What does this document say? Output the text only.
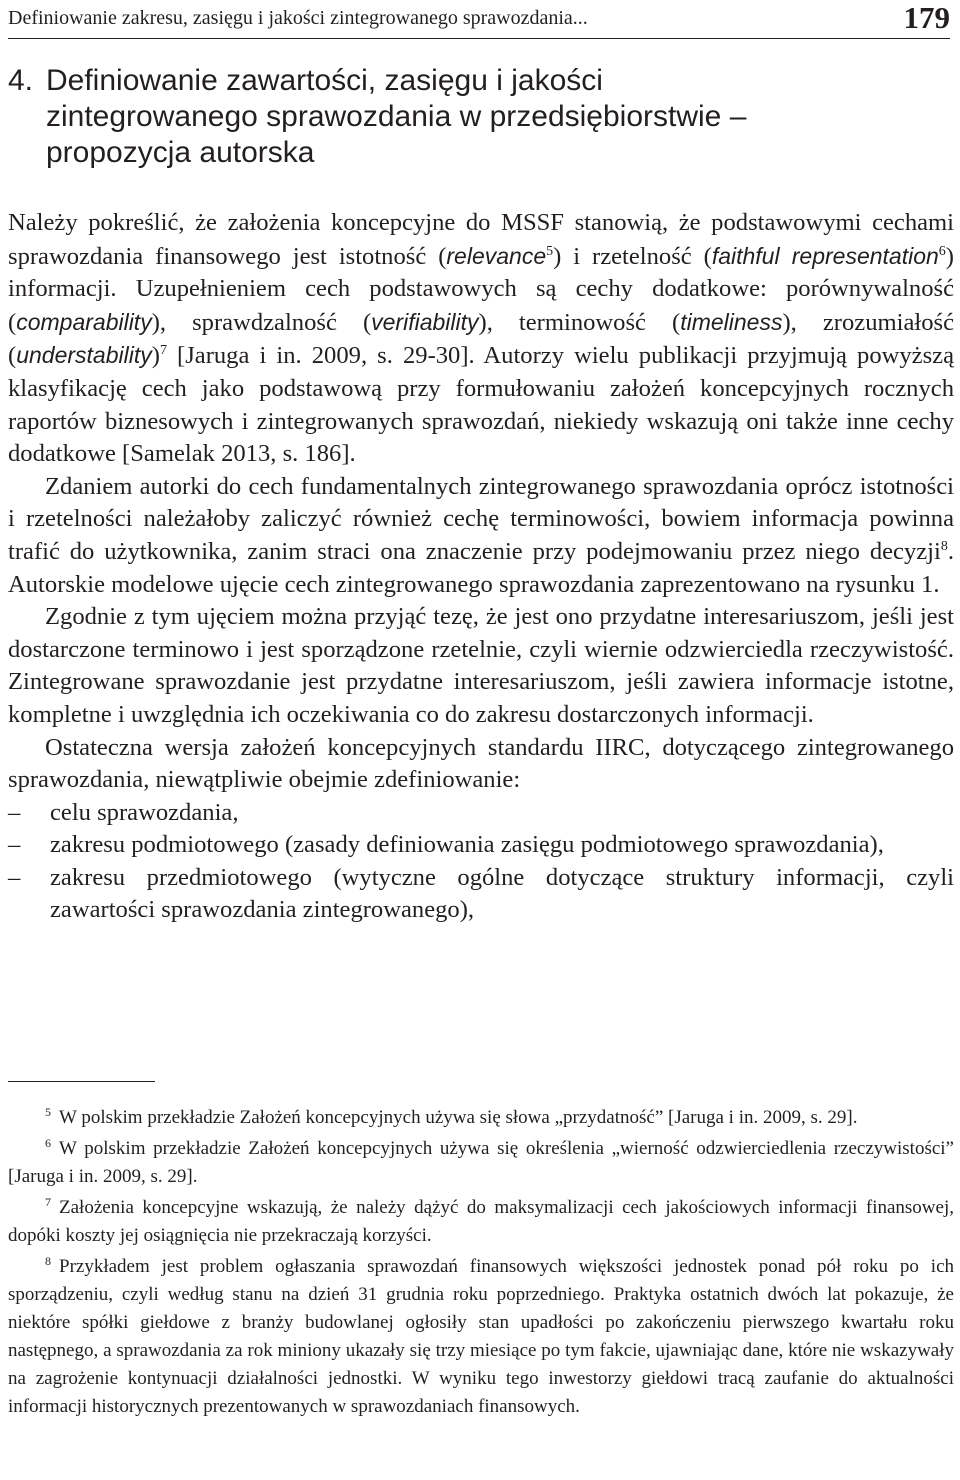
Definiowanie zakresu, zasięgu i jakości zintegrowanego sprawozdania...	179
4. Definiowanie zawartości, zasięgu i jakości
zintegrowanego sprawozdania w przedsiębiorstwie –
propozycja autorska

Należy pokreślić, że założenia koncepcyjne do MSSF stanowią, że podstawowymi cechami sprawozdania finansowego jest istotność (relevance$^5$) i rzetelność (faithful representation$^6$) informacji. Uzupełnieniem cech podstawowych są cechy dodatkowe: porównywalność (comparability), sprawdzalność (verifiability), terminowość (timeliness), zrozumiałość (understability)$^7$ [Jaruga i in. 2009, s. 29-30]. Autorzy wielu publikacji przyjmują powyższą klasyfikację cech jako podstawową przy formułowaniu założeń koncepcyjnych rocznych raportów biznesowych i zintegrowanych sprawozdań, niekiedy wskazują oni także inne cechy dodatkowe [Samelak 2013, s. 186].

Zdaniem autorki do cech fundamentalnych zintegrowanego sprawozdania oprócz istotności i rzetelności należałoby zaliczyć również cechę terminowości, bowiem informacja powinna trafić do użytkownika, zanim straci ona znaczenie przy podejmowaniu przez niego decyzji$^8$. Autorskie modelowe ujęcie cech zintegrowanego sprawozdania zaprezentowano na rysunku 1.

Zgodnie z tym ujęciem można przyjąć tezę, że jest ono przydatne interesariuszom, jeśli jest dostarczone terminowo i jest sporządzone rzetelnie, czyli wiernie odzwierciedla rzeczywistość. Zintegrowane sprawozdanie jest przydatne interesariuszom, jeśli zawiera informacje istotne, kompletne i uwzględnia ich oczekiwania co do zakresu dostarczonych informacji.

Ostateczna wersja założeń koncepcyjnych standardu IIRC, dotyczącego zintegrowanego sprawozdania, niewątpliwie obejmie zdefiniowanie:

– celu sprawozdania,
– zakresu podmiotowego (zasady definiowania zasięgu podmiotowego sprawozdania),
– zakresu przedmiotowego (wytyczne ogólne dotyczące struktury informacji, czyli zawartości sprawozdania zintegrowanego),

$^5$ W polskim przekładzie Założeń koncepcyjnych używa się słowa „przydatność” [Jaruga i in. 2009, s. 29].

$^6$ W polskim przekładzie Założeń koncepcyjnych używa się określenia „wierność odzwierciedlenia rzeczywistości” [Jaruga i in. 2009, s. 29].

$^7$ Założenia koncepcyjne wskazują, że należy dążyć do maksymalizacji cech jakościowych informacji finansowej, dopóki koszty jej osiągnięcia nie przekraczają korzyści.

$^8$ Przykładem jest problem ogłaszania sprawozdań finansowych większości jednostek ponad pół roku po ich sporządzeniu, czyli według stanu na dzień 31 grudnia roku poprzedniego. Praktyka ostatnich dwóch lat pokazuje, że niektóre spółki giełdowe z branży budowlanej ogłosiły stan upadłości po zakończeniu pierwszego kwartału roku następnego, a sprawozdania za rok miniony ukazały się trzy miesiące po tym fakcie, ujawniając dane, które nie wskazywały na zagrożenie kontynuacji działalności jednostki. W wyniku tego inwestorzy giełdowi tracą zaufanie do aktualności informacji historycznych prezentowanych w sprawozdaniach finansowych.
